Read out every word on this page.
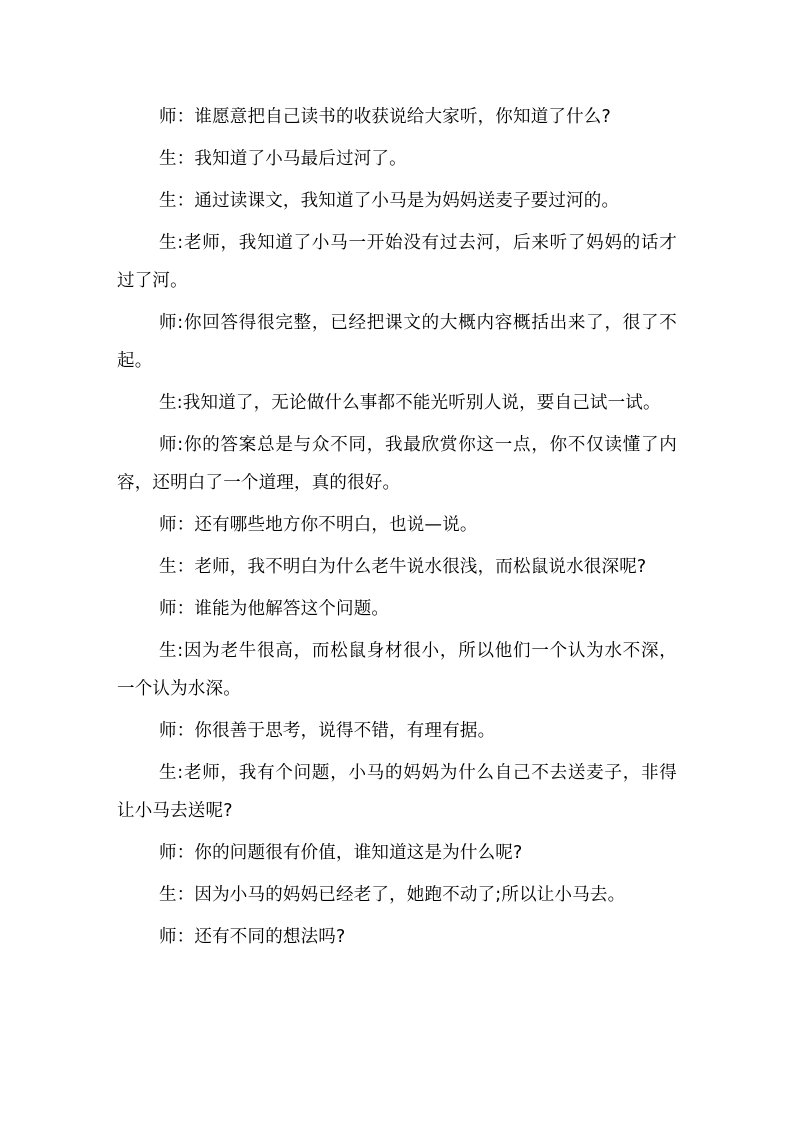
师：谁愿意把自己读书的收获说给大家听，你知道了什么?

生：我知道了小马最后过河了。

生：通过读课文，我知道了小马是为妈妈送麦子要过河的。

生:老师，我知道了小马一开始没有过去河，后来听了妈妈的话才过了河。

师:你回答得很完整，已经把课文的大概内容概括出来了，很了不起。

生:我知道了，无论做什么事都不能光听别人说，要自己试一试。

师:你的答案总是与众不同，我最欣赏你这一点，你不仅读懂了内容，还明白了一个道理，真的很好。

师：还有哪些地方你不明白，也说—说。

生：老师，我不明白为什么老牛说水很浅，而松鼠说水很深呢?

师：谁能为他解答这个问题。

生:因为老牛很高，而松鼠身材很小，所以他们一个认为水不深，一个认为水深。

师：你很善于思考，说得不错，有理有据。

生:老师，我有个问题，小马的妈妈为什么自己不去送麦子，非得让小马去送呢?

师：你的问题很有价值，谁知道这是为什么呢?

生：因为小马的妈妈已经老了，她跑不动了;所以让小马去。

师：还有不同的想法吗?
